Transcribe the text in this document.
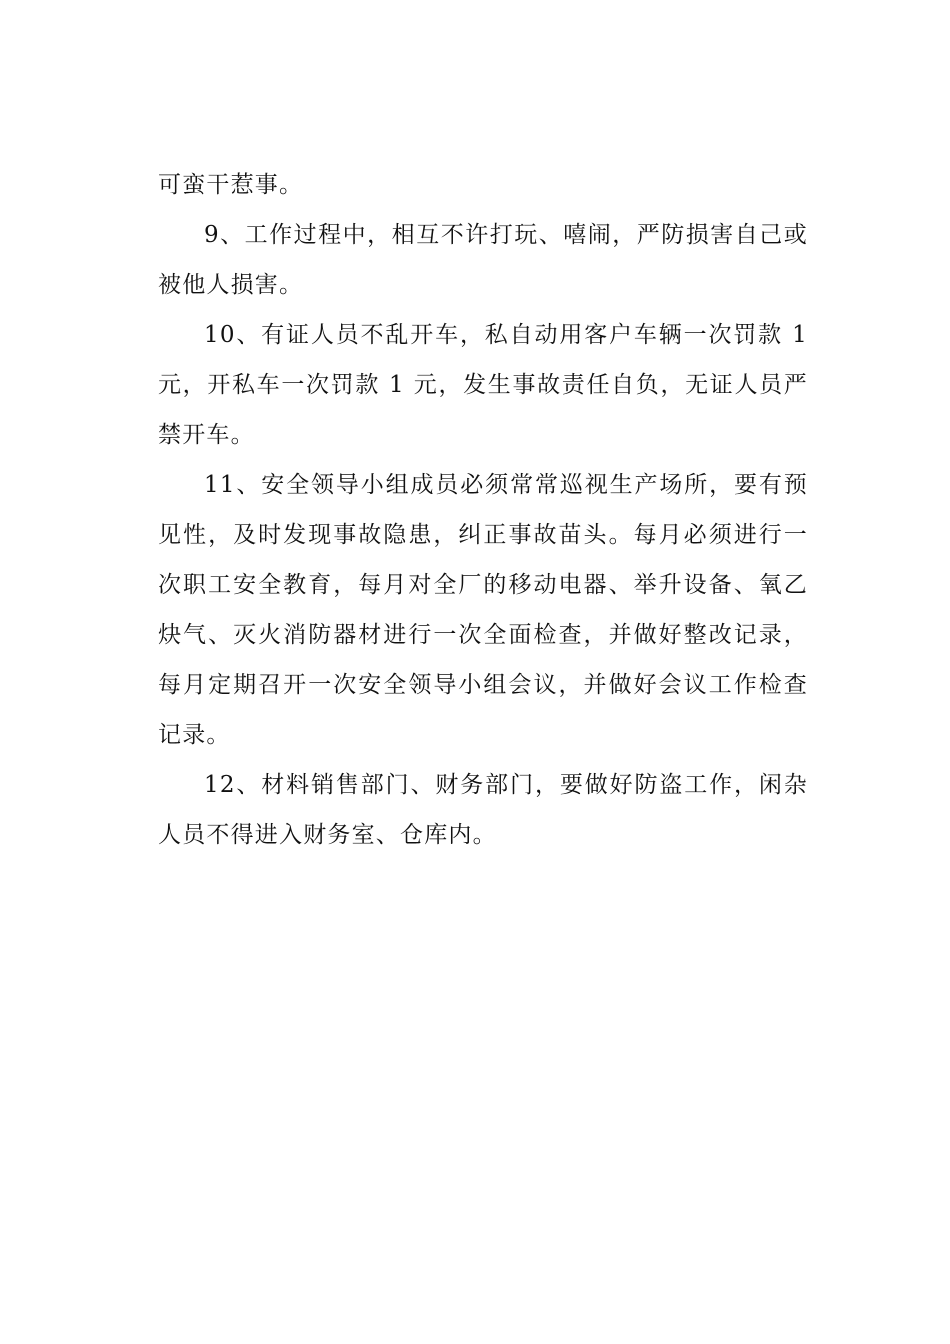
可蛮干惹事。

9、工作过程中，相互不许打玩、嘻闹，严防损害自己或被他人损害。

10、有证人员不乱开车，私自动用客户车辆一次罚款 1 元，开私车一次罚款 1 元，发生事故责任自负，无证人员严禁开车。

11、安全领导小组成员必须常常巡视生产场所，要有预见性，及时发现事故隐患，纠正事故苗头。每月必须进行一次职工安全教育，每月对全厂的移动电器、举升设备、氧乙炔气、灭火消防器材进行一次全面检查，并做好整改记录，每月定期召开一次安全领导小组会议，并做好会议工作检查记录。

12、材料销售部门、财务部门，要做好防盗工作，闲杂人员不得进入财务室、仓库内。
